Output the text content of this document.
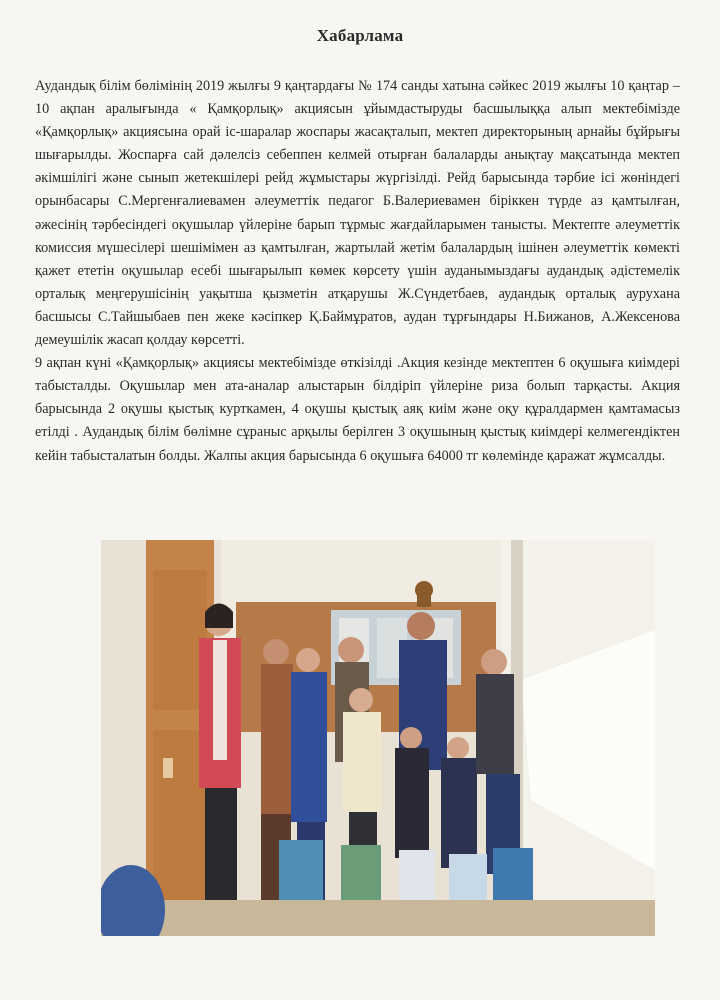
Хабарлама

Аудандық білім бөлімінің 2019 жылғы 9 қаңтардағы № 174 санды хатына сәйкес 2019 жылғы 10 қаңтар – 10 ақпан аралығында « Қамқорлық» акциясын ұйымдастыруды басшылыққа алып мектебімізде «Қамқорлық» акциясына орай іс-шаралар жоспары жасақталып, мектеп директорының арнайы бұйрығы шығарылды. Жоспарға сай дәлелсіз себеппен келмей отырған балаларды анықтау мақсатында мектеп әкімшілігі және сынып жетекшілері рейд жұмыстары жүргізілді. Рейд барысында тәрбие ісі жөніндегі орынбасары С.Мергенғалиевамен әлеуметтік педагог Б.Валериевамен біріккен түрде аз қамтылған, әжесінің тәрбесіндегі оқушылар үйлеріне барып тұрмыс жағдайларымен танысты. Мектепте әлеуметтік комиссия мүшесілері шешімімен аз қамтылған, жартылай жетім балалардың ішінен әлеуметтік көмекті қажет ететін оқушылар есебі шығарылып көмек көрсету үшін ауданымыздағы аудандық әдістемелік орталық меңгерушісінің уақытша қызметін атқарушы Ж.Сүндетбаев, аудандық орталық аурухана басшысы С.Тайшыбаев пен жеке кәсіпкер Қ.Баймұратов, аудан тұрғындары Н.Бижанов, А.Жексенова демеушілік жасап қолдау көрсетті.

9 ақпан күні «Қамқорлық» акциясы мектебімізде өткізілді .Акция кезінде мектептен 6 оқушыға киімдері табысталды. Оқушылар мен ата-аналар алыстарын білдіріп үйлеріне риза болып тарқасты. Акция барысында 2 оқушы қыстық курткамен, 4 оқушы қыстық аяқ киім және оқу құралдармен қамтамасыз етілді . Аудандық білім бөлімне сұраныс арқылы берілген 3 оқушының қыстық киімдері келмегендіктен кейін табысталатын болды. Жалпы акция барысында 6 оқушыға 64000 тг көлемінде қаражат жұмсалды.
